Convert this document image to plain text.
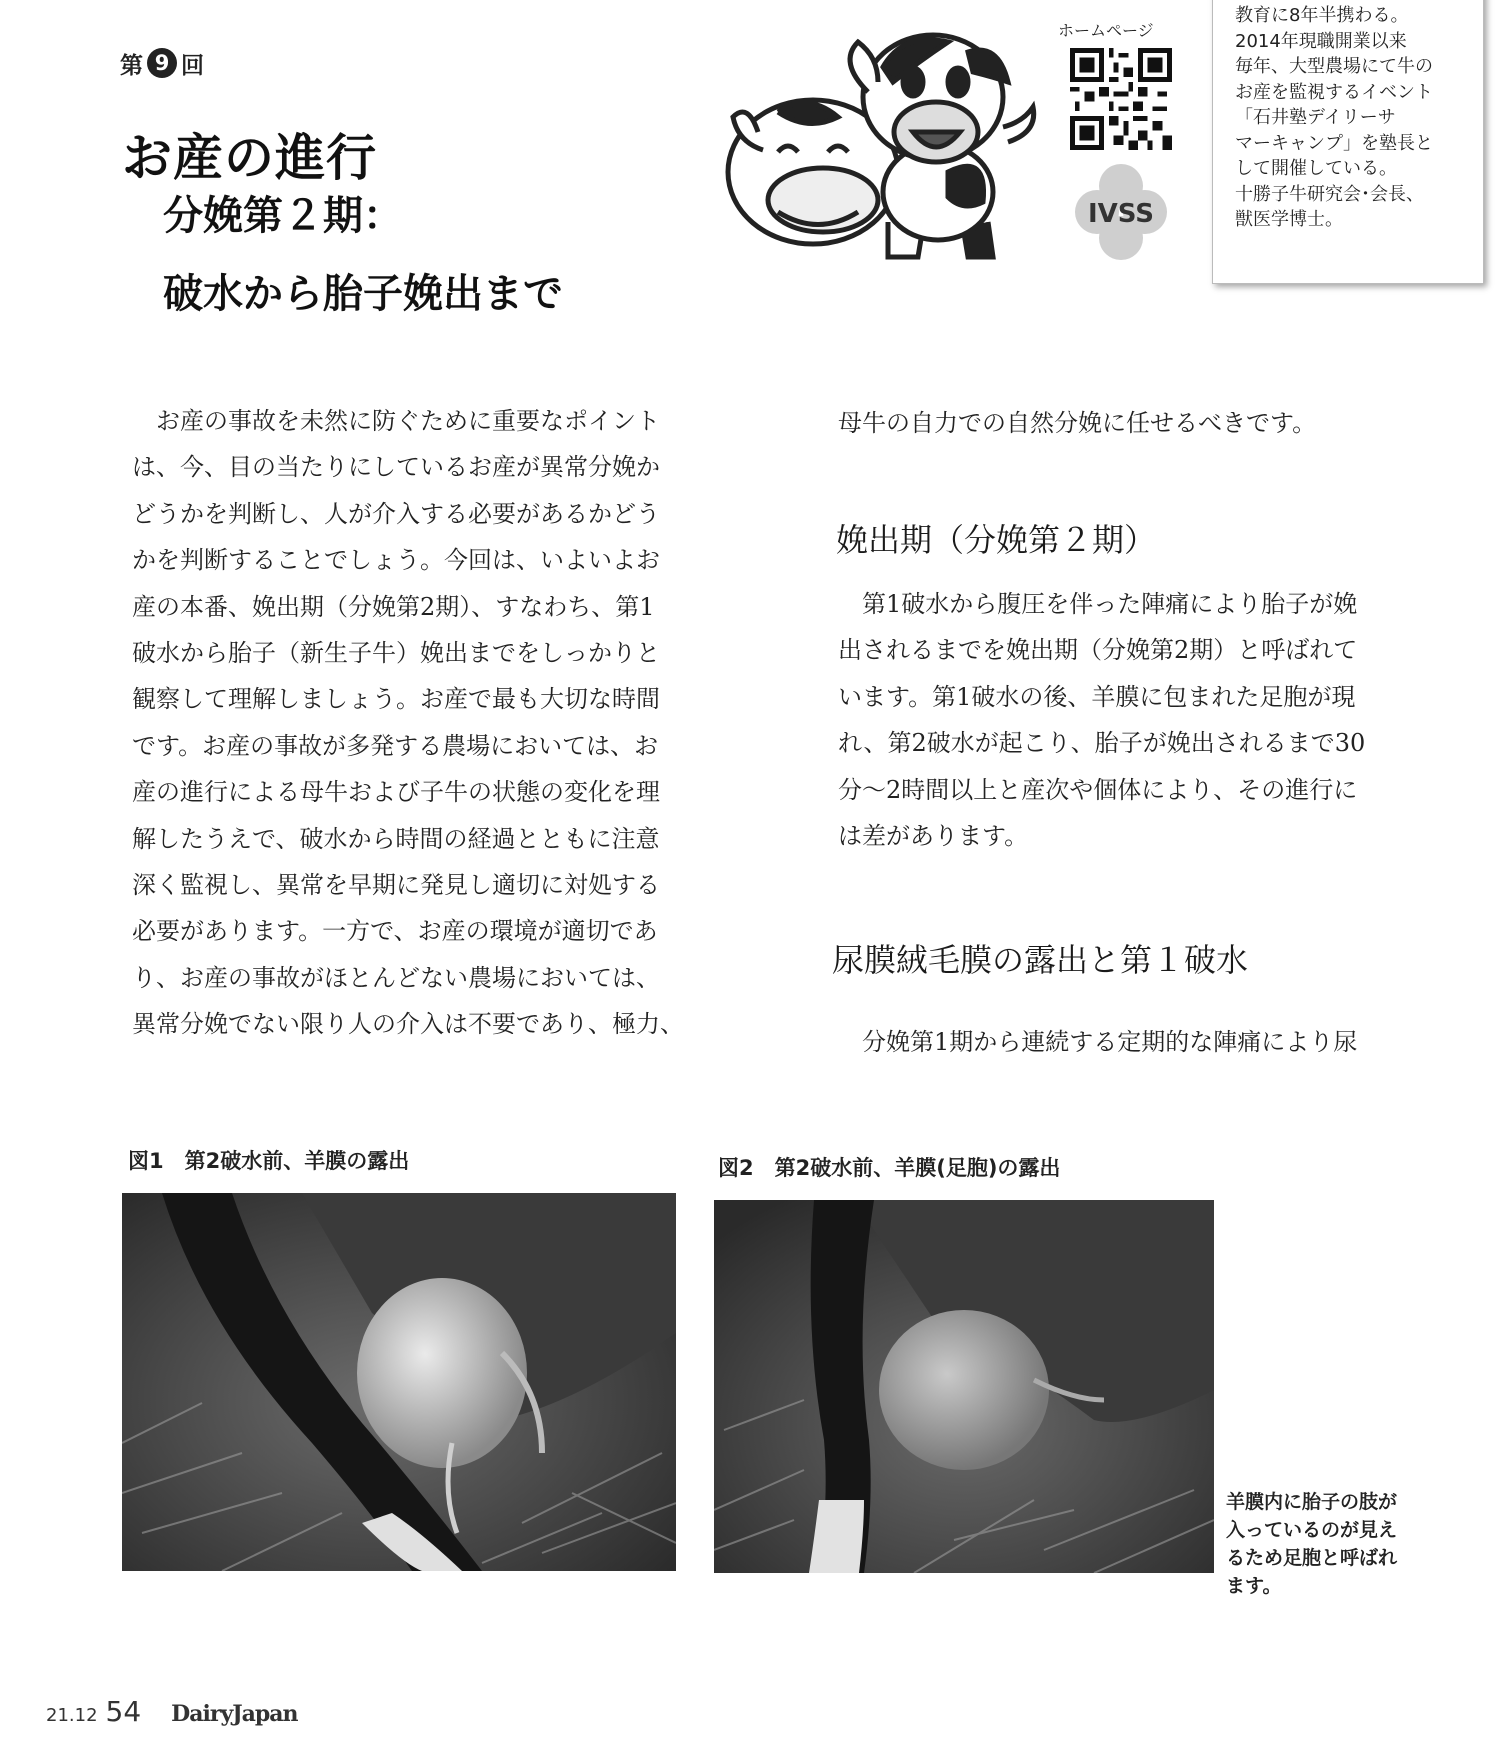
第 9 回
お産の進行
分娩第２期：
破水から胎子娩出まで
ホームページ
IVSS
教育に8年半携わる。
2014年現職開業以来
毎年、大型農場にて牛の
お産を監視するイベント
「石井塾デイリーサ
マーキャンプ」を塾長と
して開催している。
十勝子牛研究会･会長、
獣医学博士。
　お産の事故を未然に防ぐために重要なポイント
は、今、目の当たりにしているお産が異常分娩か
どうかを判断し、人が介入する必要があるかどう
かを判断することでしょう。今回は、いよいよお
産の本番、娩出期（分娩第2期）、すなわち、第1
破水から胎子（新生子牛）娩出までをしっかりと
観察して理解しましょう。お産で最も大切な時間
です。お産の事故が多発する農場においては、お
産の進行による母牛および子牛の状態の変化を理
解したうえで、破水から時間の経過とともに注意
深く監視し、異常を早期に発見し適切に対処する
必要があります。一方で、お産の環境が適切であ
り、お産の事故がほとんどない農場においては、
異常分娩でない限り人の介入は不要であり、極力、
母牛の自力での自然分娩に任せるべきです。
娩出期（分娩第２期）
　第1破水から腹圧を伴った陣痛により胎子が娩
出されるまでを娩出期（分娩第2期）と呼ばれて
います。第1破水の後、羊膜に包まれた足胞が現
れ、第2破水が起こり、胎子が娩出されるまで30
分〜2時間以上と産次や個体により、その進行に
は差があります。
尿膜絨毛膜の露出と第１破水
　分娩第1期から連続する定期的な陣痛により尿
図1　第2破水前、羊膜の露出	図2　第2破水前、羊膜(足胞)の露出
羊膜内に胎子の肢が
入っているのが見え
るため足胞と呼ばれ
ます。
21.12 54 DairyJapan
